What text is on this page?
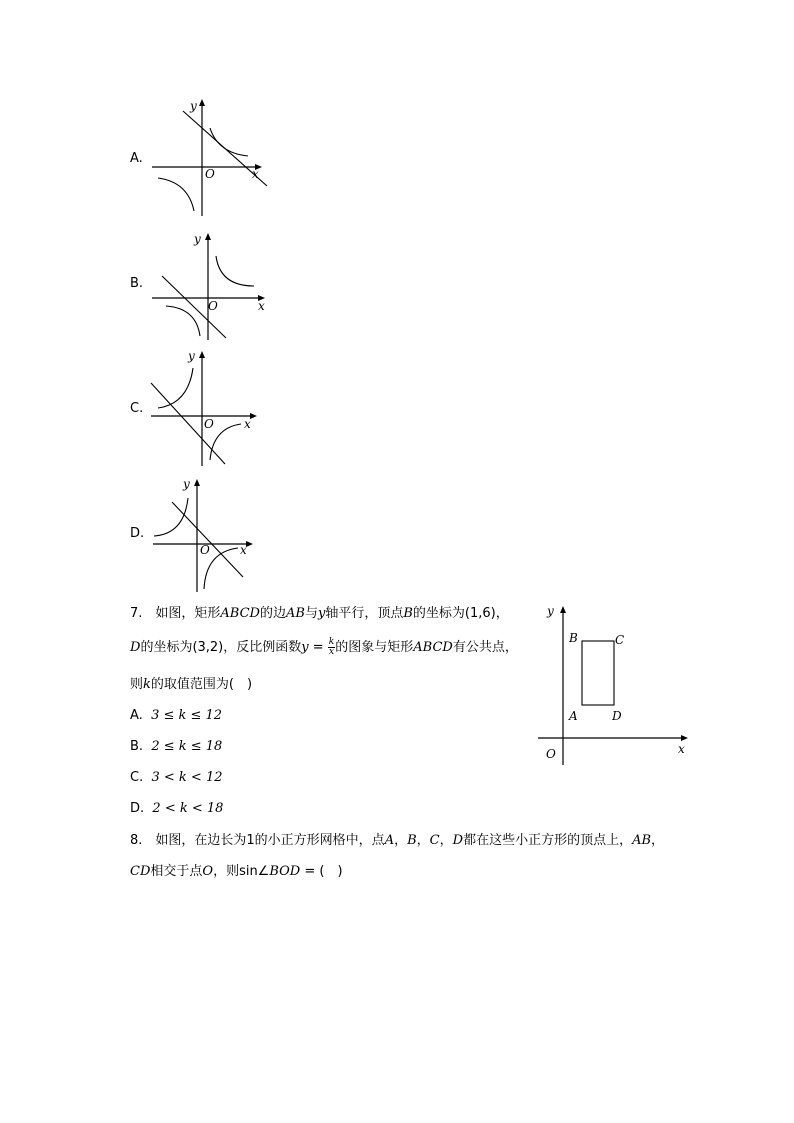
A.
y
x
O
B.
y
x
O
C.
y
x
O
D.
y
x
O
7.　如图，矩形ABCD的边AB与y轴平行，顶点B的坐标为(1,6)，
D的坐标为(3,2)，反比例函数$y = \frac{k}{x}$ 的图象与矩形ABCD有公共点，
则k的取值范围为(　)
A. 3 ≤ k ≤ 12
B. 2 ≤ k ≤ 18
C. 3 < k < 12
D. 2 < k < 18
B	C
A	D
O	x
y
8.　如图，在边长为1的小正方形网格中，点A，B，C，D都在这些小正方形的顶点上，AB，
CD相交于点O，则sin∠BOD = (　)
